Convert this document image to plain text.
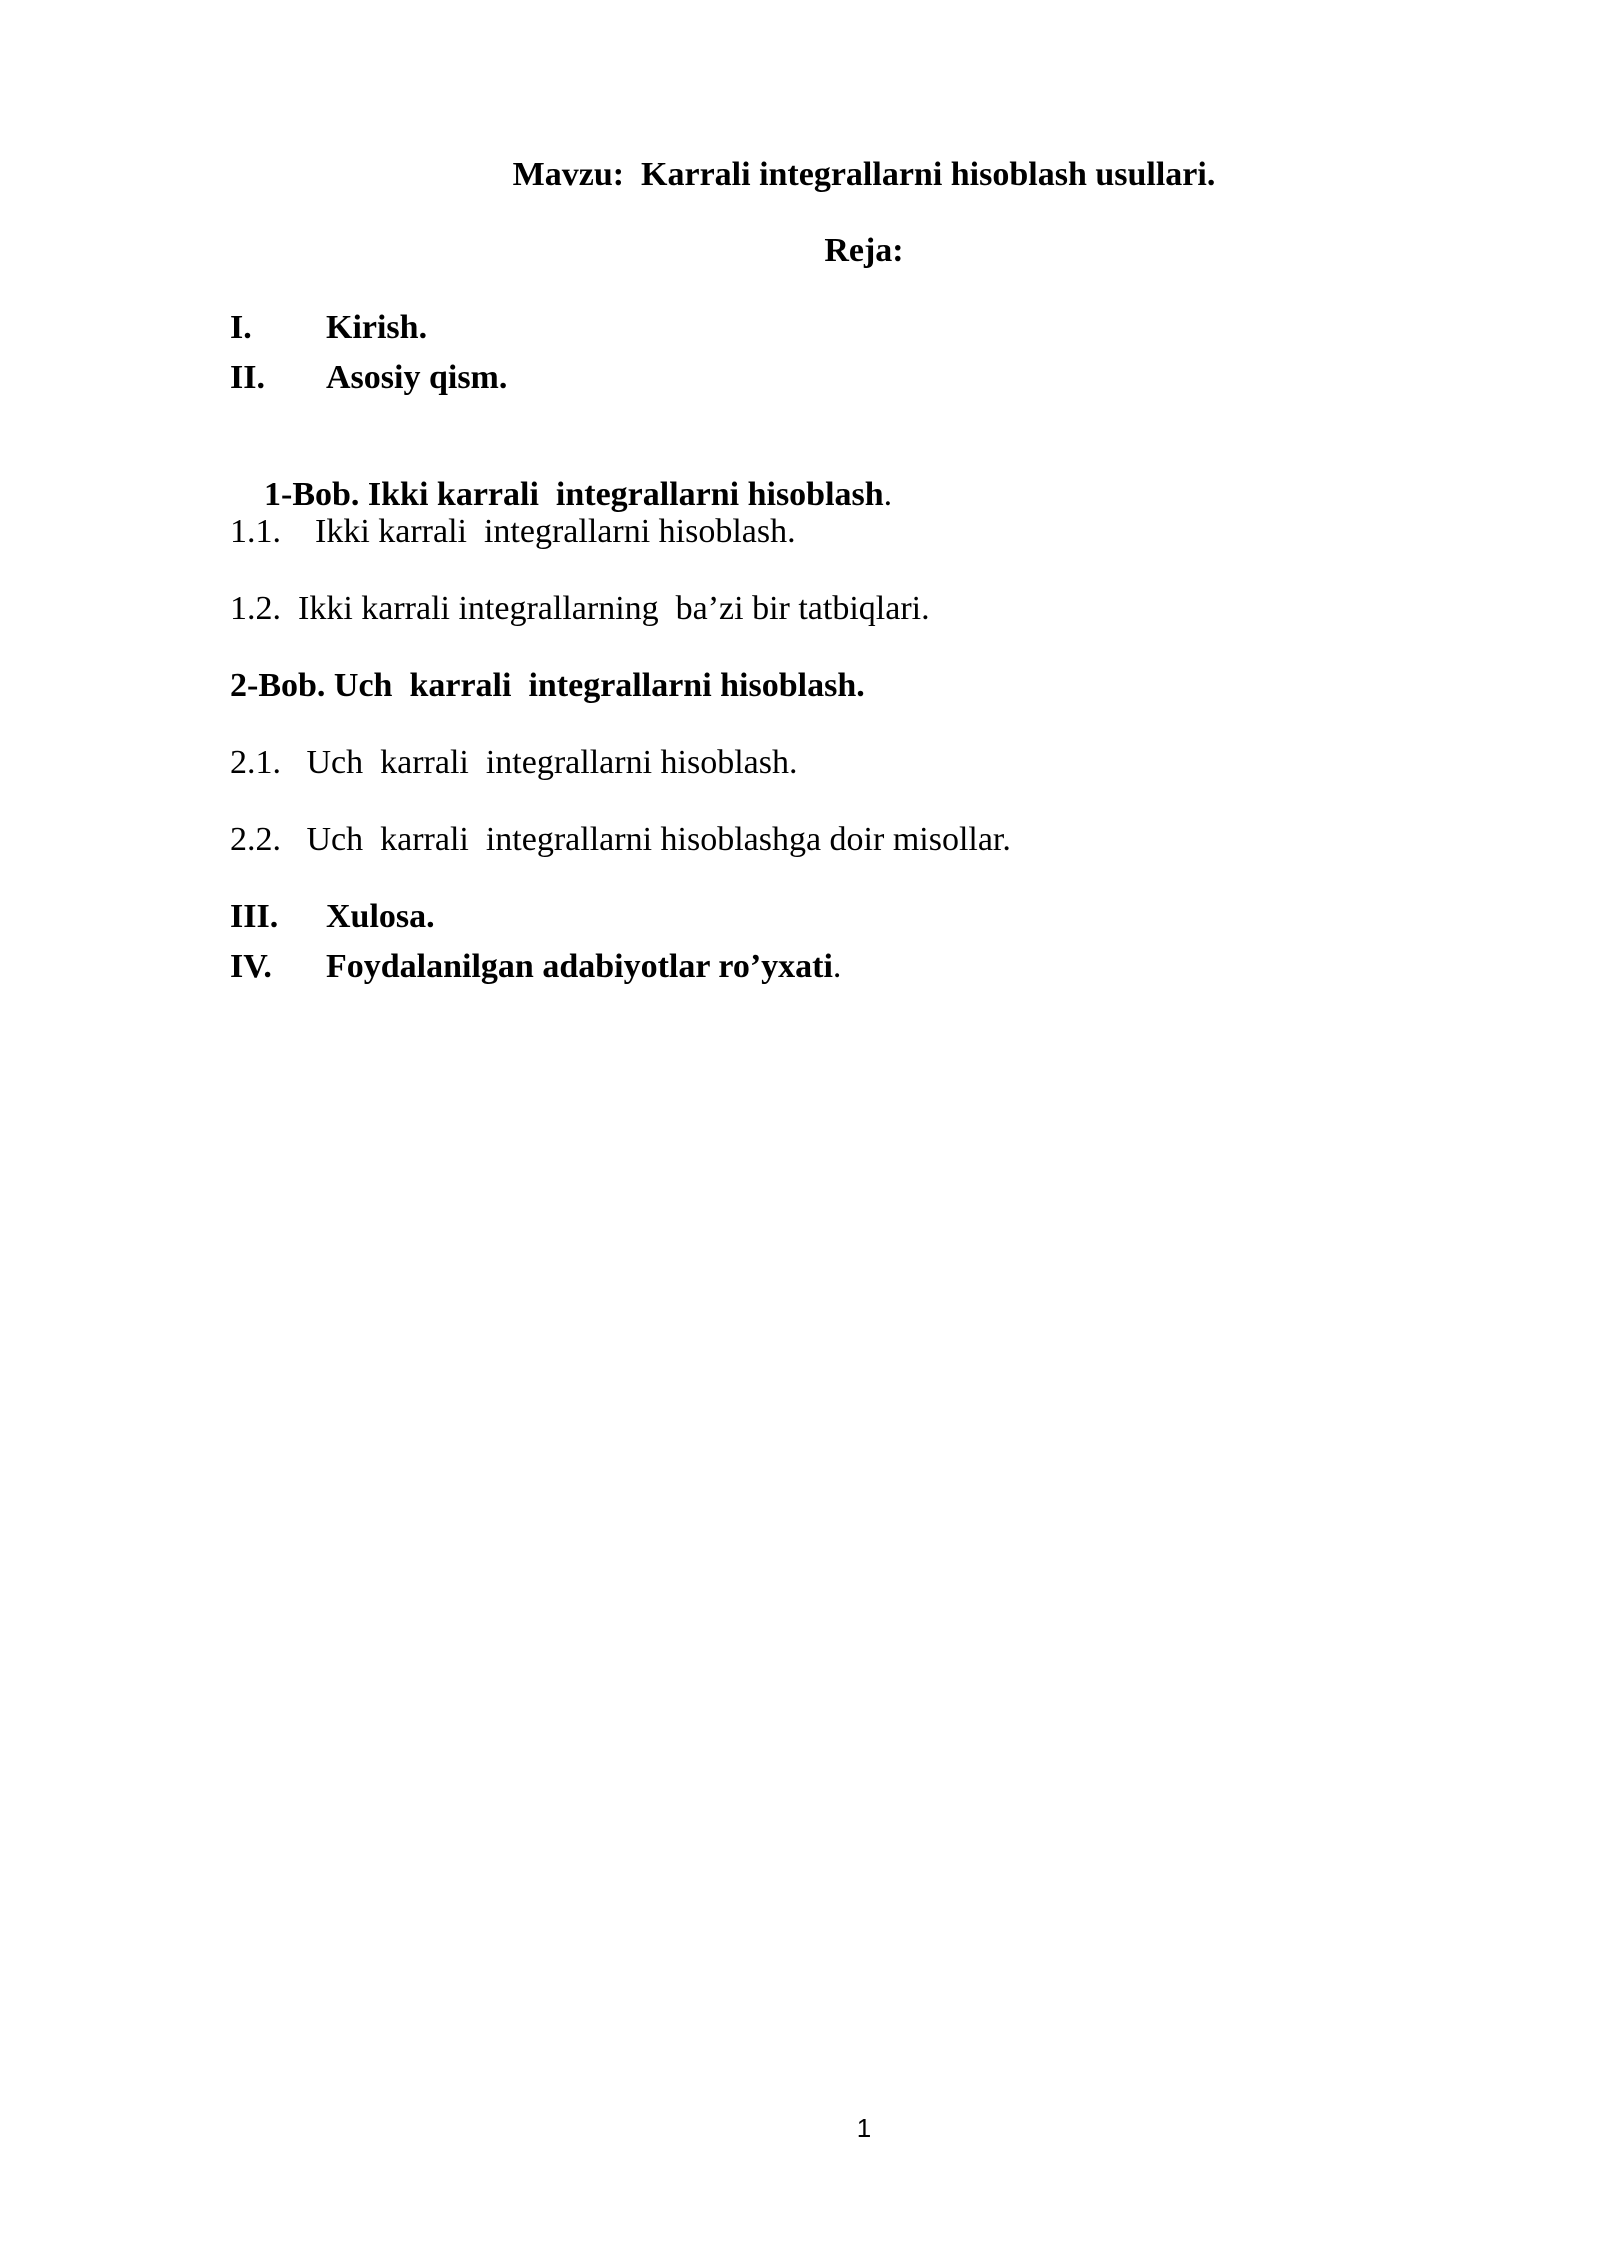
Mavzu:  Karrali integrallarni hisoblash usullari.
Reja:
I. Kirish.
II. Asosiy qism.

1-Bob. Ikki karrali  integrallarni hisoblash.

1.1.    Ikki karrali  integrallarni hisoblash.
1.2.  Ikki karrali integrallarning  ba’zi bir tatbiqlari.
2-Bob. Uch  karrali  integrallarni hisoblash.
2.1.   Uch  karrali  integrallarni hisoblash.
2.2.   Uch  karrali  integrallarni hisoblashga doir misollar.
III. Xulosa.
IV. Foydalanilgan adabiyotlar ro’yxati.
1
